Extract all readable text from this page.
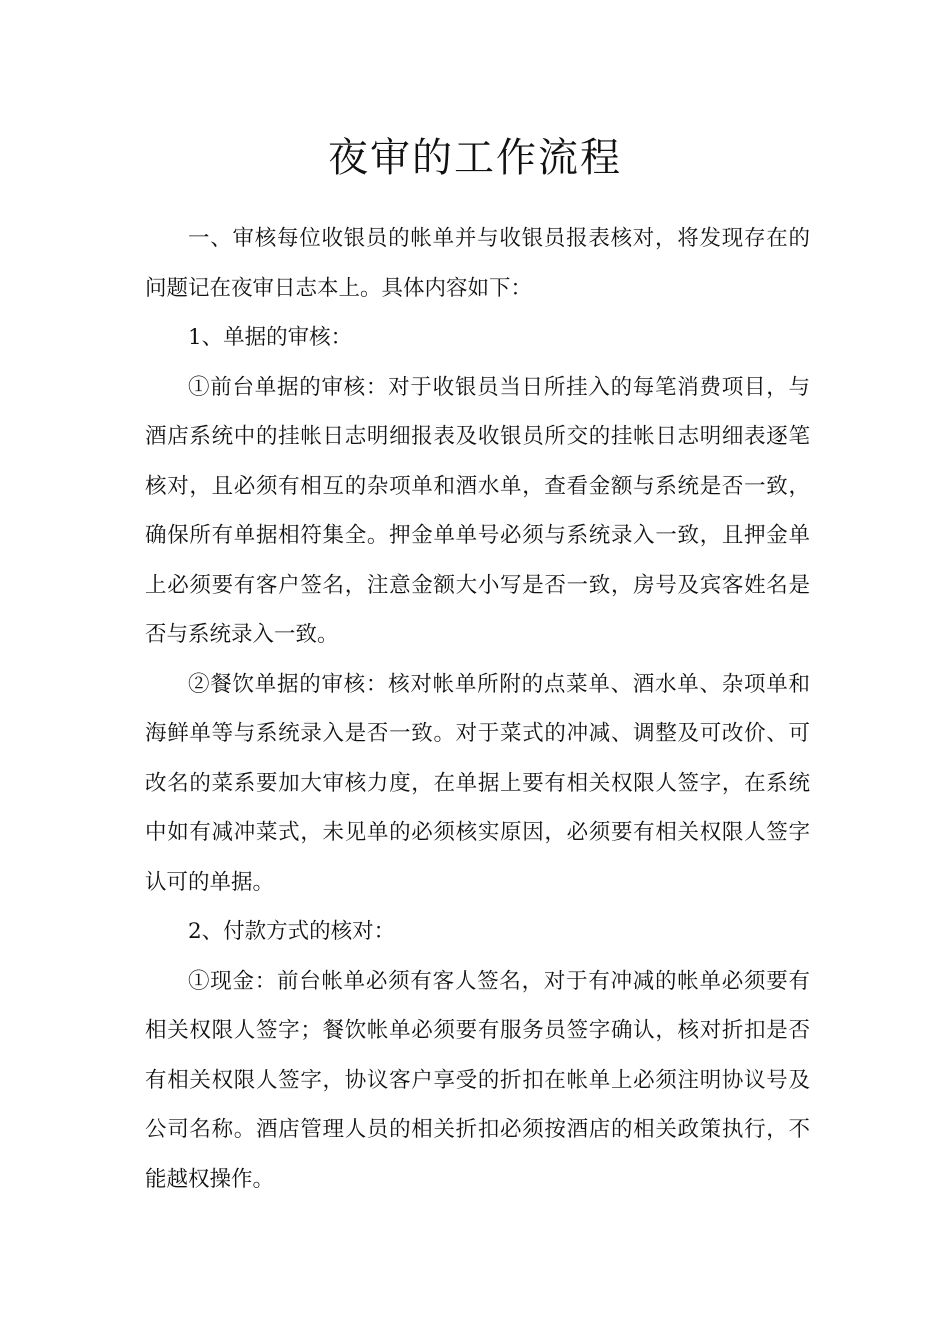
夜审的工作流程

一、审核每位收银员的帐单并与收银员报表核对，将发现存在的问题记在夜审日志本上。具体内容如下：

1、单据的审核：

①前台单据的审核：对于收银员当日所挂入的每笔消费项目，与酒店系统中的挂帐日志明细报表及收银员所交的挂帐日志明细表逐笔核对，且必须有相互的杂项单和酒水单，查看金额与系统是否一致，确保所有单据相符集全。押金单单号必须与系统录入一致，且押金单上必须要有客户签名，注意金额大小写是否一致，房号及宾客姓名是否与系统录入一致。

②餐饮单据的审核：核对帐单所附的点菜单、酒水单、杂项单和海鲜单等与系统录入是否一致。对于菜式的冲减、调整及可改价、可改名的菜系要加大审核力度，在单据上要有相关权限人签字，在系统中如有减冲菜式，未见单的必须核实原因，必须要有相关权限人签字认可的单据。

2、付款方式的核对：

①现金：前台帐单必须有客人签名，对于有冲减的帐单必须要有相关权限人签字；餐饮帐单必须要有服务员签字确认，核对折扣是否有相关权限人签字，协议客户享受的折扣在帐单上必须注明协议号及公司名称。酒店管理人员的相关折扣必须按酒店的相关政策执行，不能越权操作。
